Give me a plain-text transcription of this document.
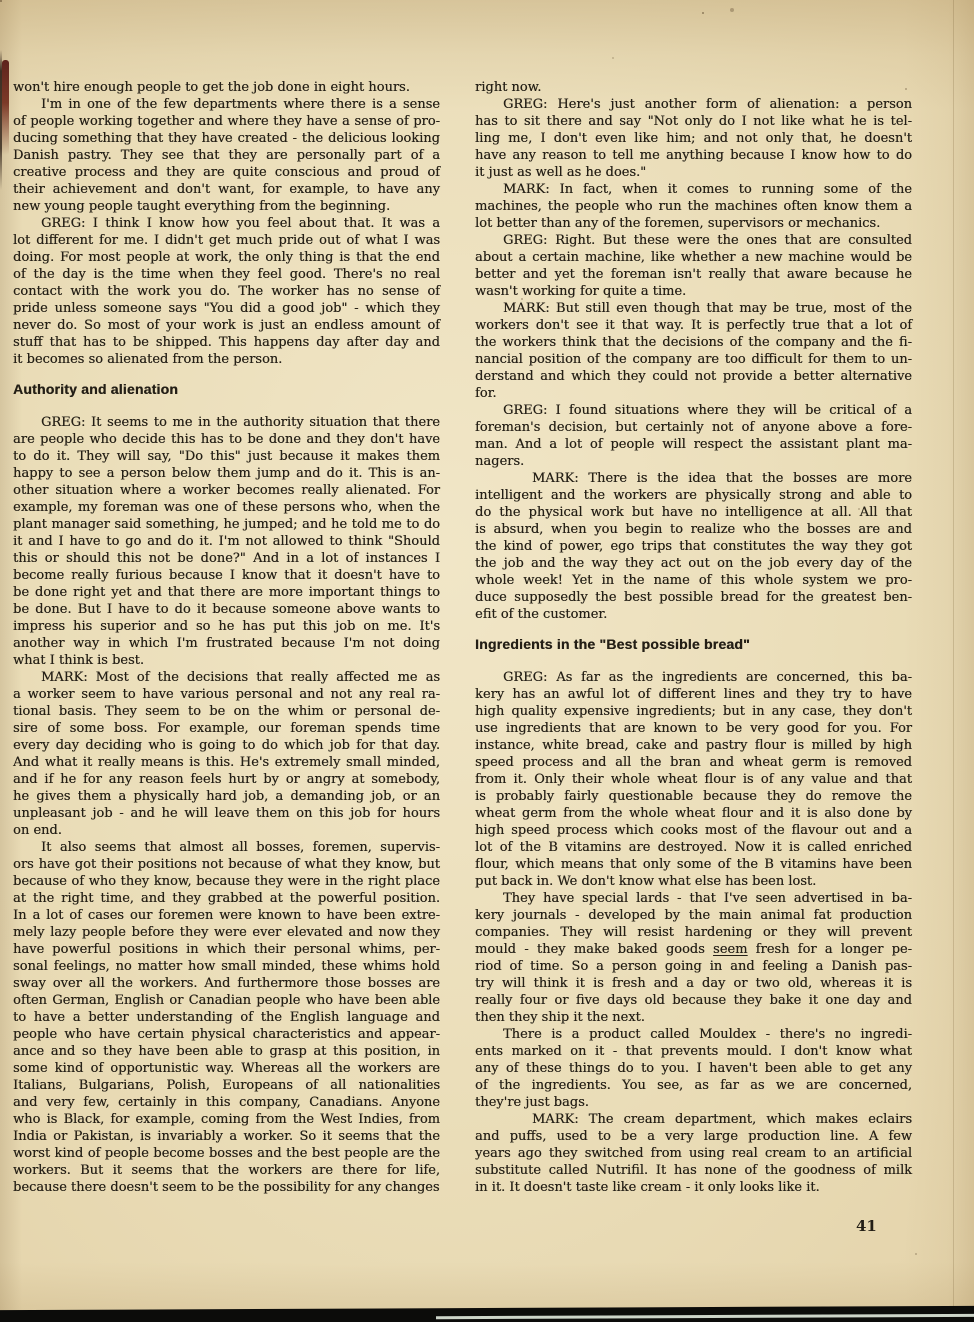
won't hire enough people to get the job done in eight hours.
I'm in one of the few departments where there is a sense
of people working together and where they have a sense of pro-
ducing something that they have created - the delicious looking
Danish pastry. They see that they are personally part of a
creative process and they are quite conscious and proud of
their achievement and don't want, for example, to have any
new young people taught everything from the beginning.
GREG: I think I know how you feel about that. It was a
lot different for me. I didn't get much pride out of what I was
doing. For most people at work, the only thing is that the end
of the day is the time when they feel good. There's no real
contact with the work you do. The worker has no sense of
pride unless someone says "You did a good job" - which they
never do. So most of your work is just an endless amount of
stuff that has to be shipped. This happens day after day and
it becomes so alienated from the person.
Authority and alienation
GREG: It seems to me in the authority situation that there
are people who decide this has to be done and they don't have
to do it. They will say, "Do this" just because it makes them
happy to see a person below them jump and do it. This is an-
other situation where a worker becomes really alienated. For
example, my foreman was one of these persons who, when the
plant manager said something, he jumped; and he told me to do
it and I have to go and do it. I'm not allowed to think "Should
this or should this not be done?" And in a lot of instances I
become really furious because I know that it doesn't have to
be done right yet and that there are more important things to
be done. But I have to do it because someone above wants to
impress his superior and so he has put this job on me. It's
another way in which I'm frustrated because I'm not doing
what I think is best.
MARK: Most of the decisions that really affected me as
a worker seem to have various personal and not any real ra-
tional basis. They seem to be on the whim or personal de-
sire of some boss. For example, our foreman spends time
every day deciding who is going to do which job for that day.
And what it really means is this. He's extremely small minded,
and if he for any reason feels hurt by or angry at somebody,
he gives them a physically hard job, a demanding job, or an
unpleasant job - and he will leave them on this job for hours
on end.
It also seems that almost all bosses, foremen, supervis-
ors have got their positions not because of what they know, but
because of who they know, because they were in the right place
at the right time, and they grabbed at the powerful position.
In a lot of cases our foremen were known to have been extre-
mely lazy people before they were ever elevated and now they
have powerful positions in which their personal whims, per-
sonal feelings, no matter how small minded, these whims hold
sway over all the workers. And furthermore those bosses are
often German, English or Canadian people who have been able
to have a better understanding of the English language and
people who have certain physical characteristics and appear-
ance and so they have been able to grasp at this position, in
some kind of opportunistic way. Whereas all the workers are
Italians, Bulgarians, Polish, Europeans of all nationalities
and very few, certainly in this company, Canadians. Anyone
who is Black, for example, coming from the West Indies, from
India or Pakistan, is invariably a worker. So it seems that the
worst kind of people become bosses and the best people are the
workers. But it seems that the workers are there for life,
because there doesn't seem to be the possibility for any changes
right now.
GREG: Here's just another form of alienation: a person
has to sit there and say "Not only do I not like what he is tel-
ling me, I don't even like him; and not only that, he doesn't
have any reason to tell me anything because I know how to do
it just as well as he does."
MARK: In fact, when it comes to running some of the
machines, the people who run the machines often know them a
lot better than any of the foremen, supervisors or mechanics.
GREG: Right. But these were the ones that are consulted
about a certain machine, like whether a new machine would be
better and yet the foreman isn't really that aware because he
wasn't working for quite a time.
MARK: But still even though that may be true, most of the
workers don't see it that way. It is perfectly true that a lot of
the workers think that the decisions of the company and the fi-
nancial position of the company are too difficult for them to un-
derstand and which they could not provide a better alternative
for.
GREG: I found situations where they will be critical of a
foreman's decision, but certainly not of anyone above a fore-
man. And a lot of people will respect the assistant plant ma-
nagers.
MARK: There is the idea that the bosses are more
intelligent and the workers are physically strong and able to
do the physical work but have no intelligence at all. All that
is absurd, when you begin to realize who the bosses are and
the kind of power, ego trips that constitutes the way they got
the job and the way they act out on the job every day of the
whole week! Yet in the name of this whole system we pro-
duce supposedly the best possible bread for the greatest ben-
efit of the customer.
Ingredients in the "Best possible bread"
GREG: As far as the ingredients are concerned, this ba-
kery has an awful lot of different lines and they try to have
high quality expensive ingredients; but in any case, they don't
use ingredients that are known to be very good for you. For
instance, white bread, cake and pastry flour is milled by high
speed process and all the bran and wheat germ is removed
from it. Only their whole wheat flour is of any value and that
is probably fairly questionable because they do remove the
wheat germ from the whole wheat flour and it is also done by
high speed process which cooks most of the flavour out and a
lot of the B vitamins are destroyed. Now it is called enriched
flour, which means that only some of the B vitamins have been
put back in. We don't know what else has been lost.
They have special lards - that I've seen advertised in ba-
kery journals - developed by the main animal fat production
companies. They will resist hardening or they will prevent
mould - they make baked goods seem fresh for a longer pe-
riod of time. So a person going in and feeling a Danish pas-
try will think it is fresh and a day or two old, whereas it is
really four or five days old because they bake it one day and
then they ship it the next.
There is a product called Mouldex - there's no ingredi-
ents marked on it - that prevents mould. I don't know what
any of these things do to you. I haven't been able to get any
of the ingredients. You see, as far as we are concerned,
they're just bags.
MARK: The cream department, which makes eclairs
and puffs, used to be a very large production line. A few
years ago they switched from using real cream to an artificial
substitute called Nutrifil. It has none of the goodness of milk
in it. It doesn't taste like cream - it only looks like it.
41
